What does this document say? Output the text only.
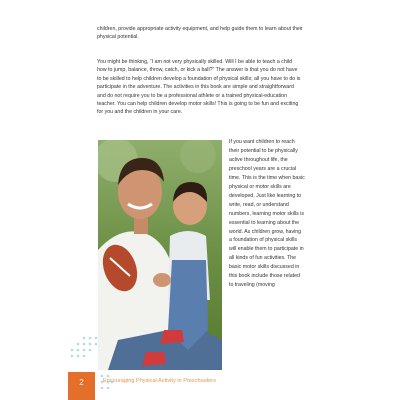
children, provide appropriate activity equipment, and help guide them to learn about their physical potential.

You might be thinking, “I am not very physically skilled. Will I be able to teach a child how to jump, balance, throw, catch, or kick a ball?” The answer is that you do not have to be skilled to help children develop a foundation of physical skills; all you have to do is participate in the adventure. The activities in this book are simple and straightforward and do not require you to be a professional athlete or a trained physical-education teacher. You can help children develop motor skills! This is going to be fun and exciting for you and the children in your care.

If you want children to reach their potential to be physically active throughout life, the preschool years are a crucial time. This is the time when basic physical or motor skills are developed. Just like learning to write, read, or understand numbers, learning motor skills is essential to learning about the world. As children grow, having a foundation of physical skills will enable them to participate in all kinds of fun activities. The basic motor skills discussed in this book include those related to traveling (moving

2	Encouraging Physical Activity in Preschoolers
